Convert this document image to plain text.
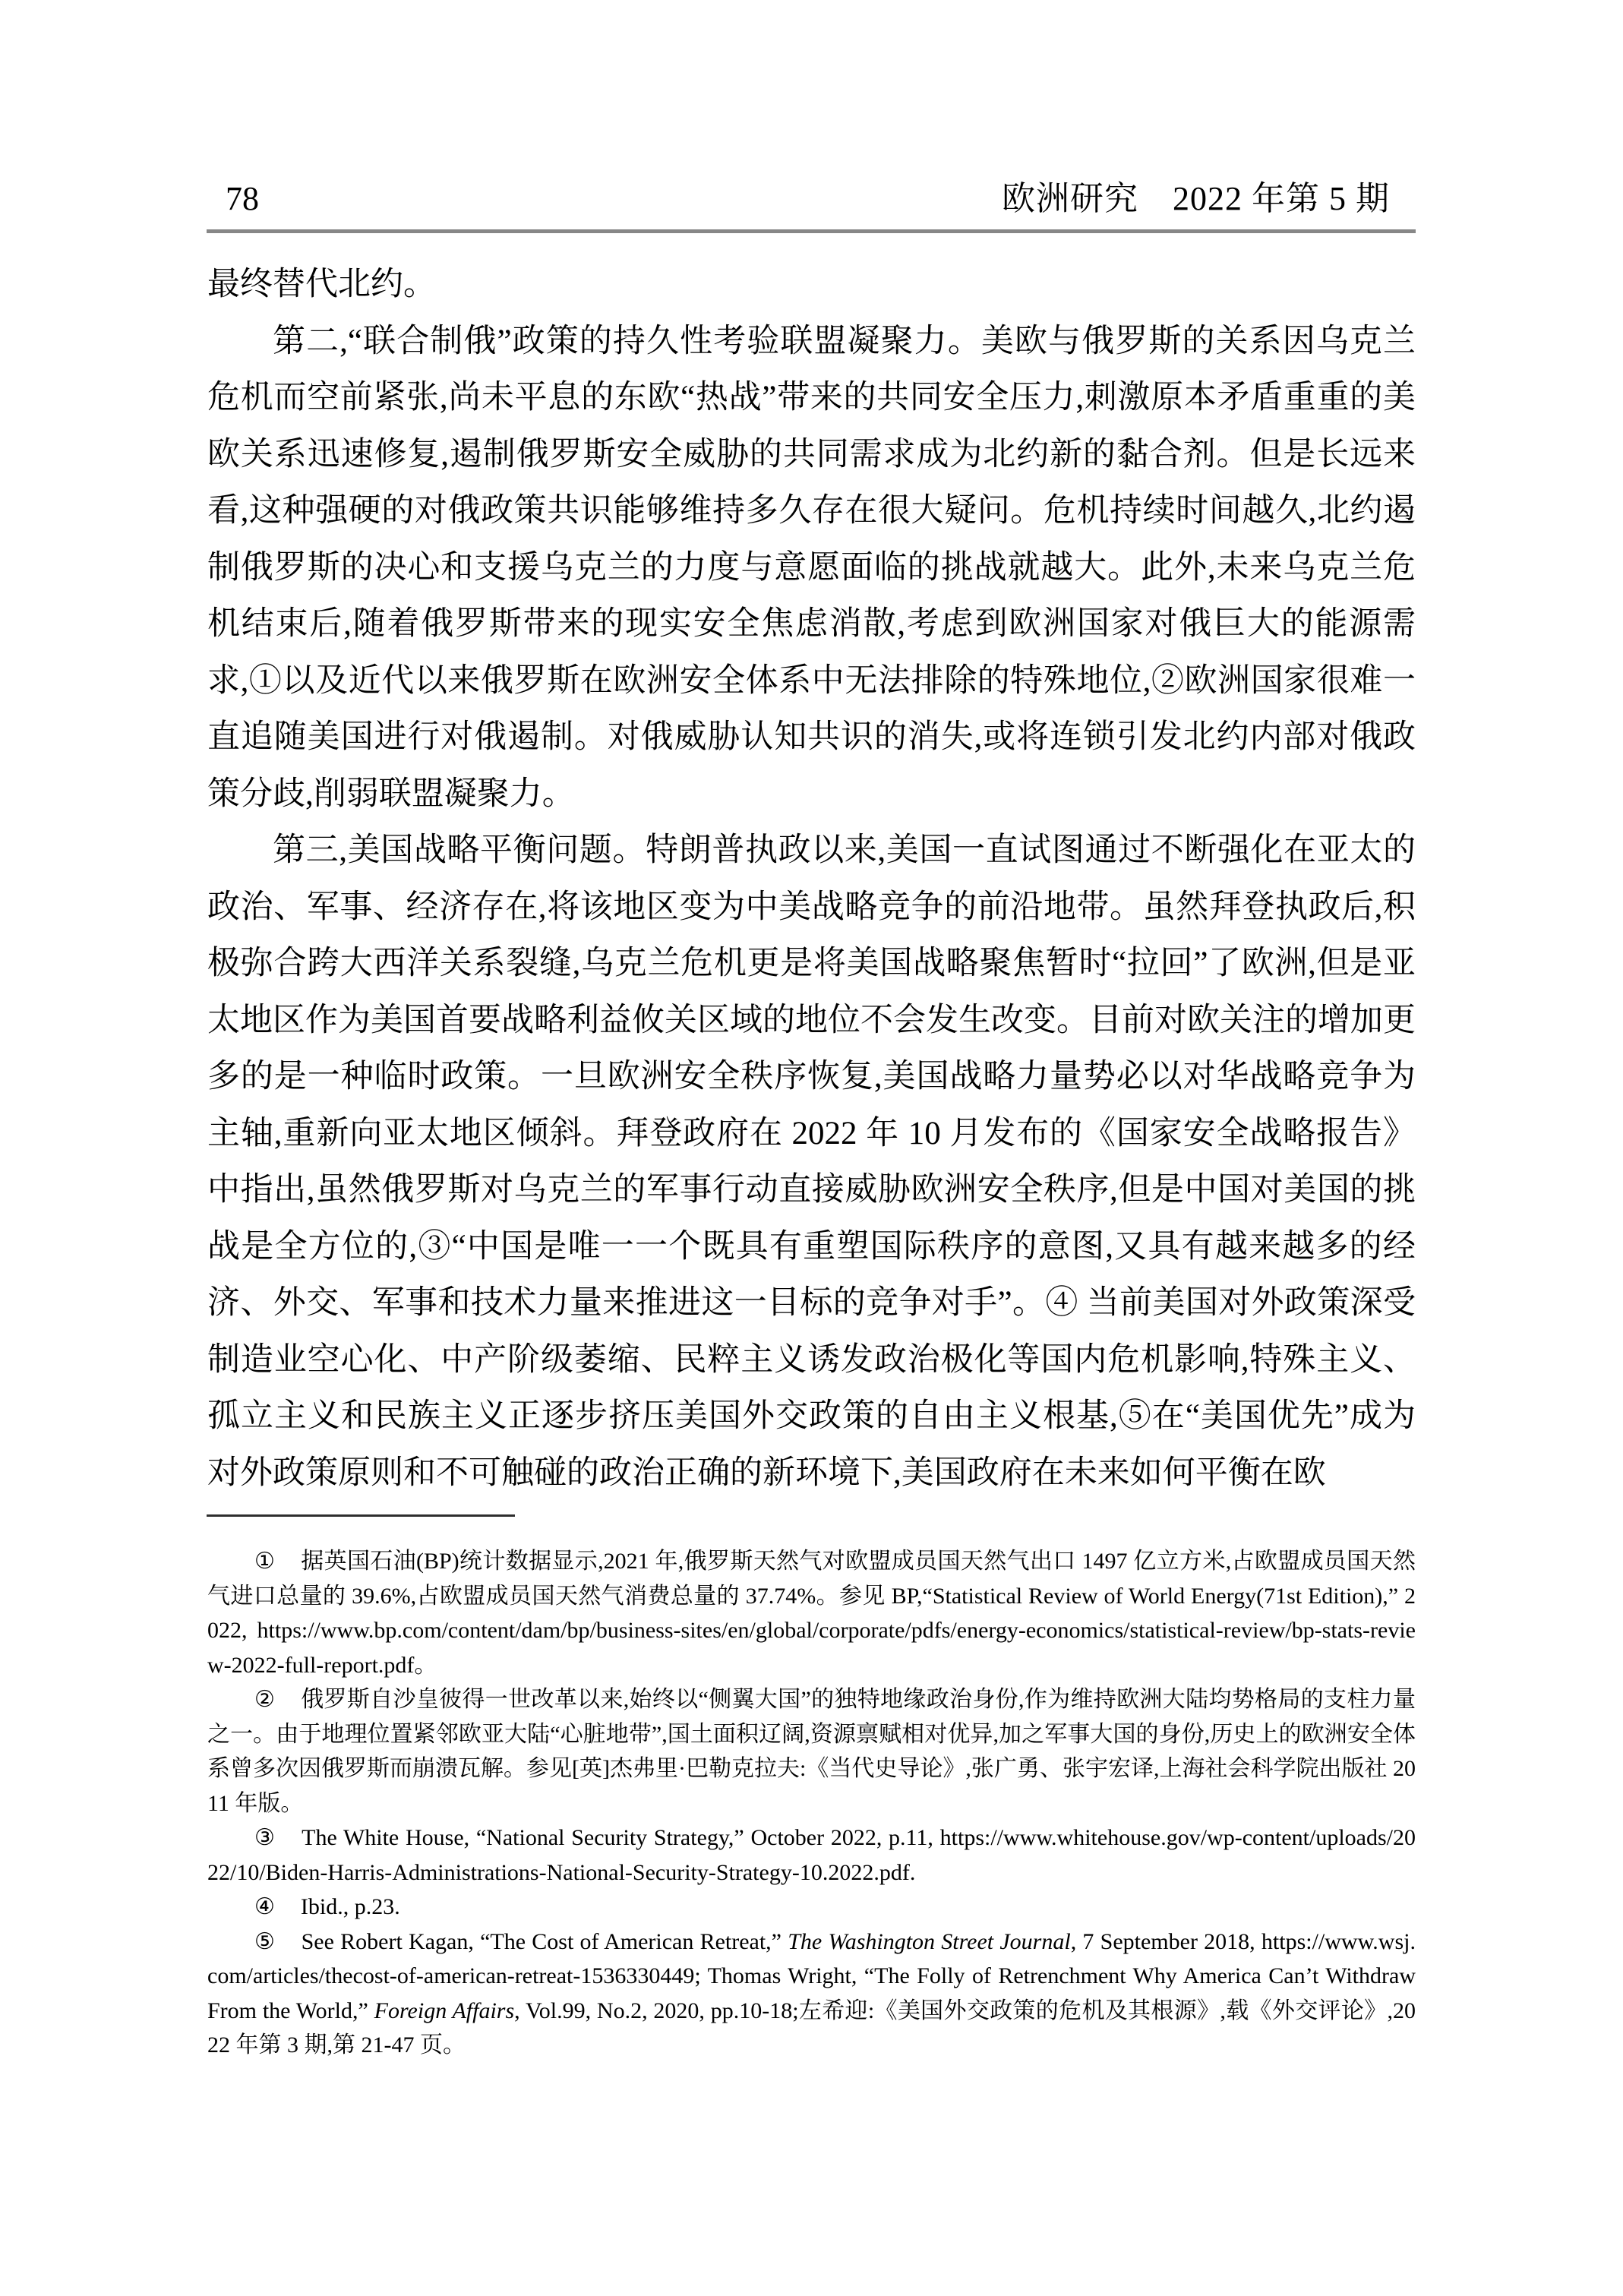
78	欧洲研究　2022 年第 5 期

最终替代北约。

第二,“联合制俄”政策的持久性考验联盟凝聚力。美欧与俄罗斯的关系因乌克兰危机而空前紧张,尚未平息的东欧“热战”带来的共同安全压力,刺激原本矛盾重重的美欧关系迅速修复,遏制俄罗斯安全威胁的共同需求成为北约新的黏合剂。但是长远来看,这种强硬的对俄政策共识能够维持多久存在很大疑问。危机持续时间越久,北约遏制俄罗斯的决心和支援乌克兰的力度与意愿面临的挑战就越大。此外,未来乌克兰危机结束后,随着俄罗斯带来的现实安全焦虑消散,考虑到欧洲国家对俄巨大的能源需求,①以及近代以来俄罗斯在欧洲安全体系中无法排除的特殊地位,②欧洲国家很难一直追随美国进行对俄遏制。对俄威胁认知共识的消失,或将连锁引发北约内部对俄政策分歧,削弱联盟凝聚力。

第三,美国战略平衡问题。特朗普执政以来,美国一直试图通过不断强化在亚太的政治、军事、经济存在,将该地区变为中美战略竞争的前沿地带。虽然拜登执政后,积极弥合跨大西洋关系裂缝,乌克兰危机更是将美国战略聚焦暂时“拉回”了欧洲,但是亚太地区作为美国首要战略利益攸关区域的地位不会发生改变。目前对欧关注的增加更多的是一种临时政策。一旦欧洲安全秩序恢复,美国战略力量势必以对华战略竞争为主轴,重新向亚太地区倾斜。拜登政府在 2022 年 10 月发布的《国家安全战略报告》中指出,虽然俄罗斯对乌克兰的军事行动直接威胁欧洲安全秩序,但是中国对美国的挑战是全方位的,③“中国是唯一一个既具有重塑国际秩序的意图,又具有越来越多的经济、外交、军事和技术力量来推进这一目标的竞争对手”。④ 当前美国对外政策深受制造业空心化、中产阶级萎缩、民粹主义诱发政治极化等国内危机影响,特殊主义、孤立主义和民族主义正逐步挤压美国外交政策的自由主义根基,⑤在“美国优先”成为对外政策原则和不可触碰的政治正确的新环境下,美国政府在未来如何平衡在欧

① 据英国石油(BP)统计数据显示,2021 年,俄罗斯天然气对欧盟成员国天然气出口 1497 亿立方米,占欧盟成员国天然气进口总量的 39.6%,占欧盟成员国天然气消费总量的 37.74%。参见 BP,“Statistical Review of World Energy(71st Edition),” 2022, https://www.bp.com/content/dam/bp/business-sites/en/global/corporate/pdfs/energy-economics/statistical-review/bp-stats-review-2022-full-report.pdf。

② 俄罗斯自沙皇彼得一世改革以来,始终以“侧翼大国”的独特地缘政治身份,作为维持欧洲大陆均势格局的支柱力量之一。由于地理位置紧邻欧亚大陆“心脏地带”,国土面积辽阔,资源禀赋相对优异,加之军事大国的身份,历史上的欧洲安全体系曾多次因俄罗斯而崩溃瓦解。参见[英]杰弗里·巴勒克拉夫:《当代史导论》,张广勇、张宇宏译,上海社会科学院出版社 2011 年版。

③ The White House, “National Security Strategy,” October 2022, p.11, https://www.whitehouse.gov/wp-content/uploads/2022/10/Biden-Harris-Administrations-National-Security-Strategy-10.2022.pdf.

④ Ibid., p.23.

⑤ See Robert Kagan, “The Cost of American Retreat,” The Washington Street Journal, 7 September 2018, https://www.wsj.com/articles/thecost-of-american-retreat-1536330449; Thomas Wright, “The Folly of Retrenchment Why America Can’t Withdraw From the World,” Foreign Affairs, Vol.99, No.2, 2020, pp.10-18;左希迎:《美国外交政策的危机及其根源》,载《外交评论》,2022 年第 3 期,第 21-47 页。
